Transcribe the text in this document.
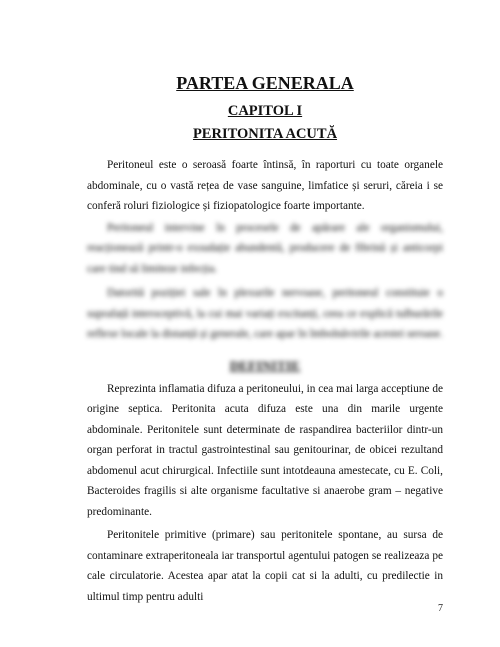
PARTEA GENERALA
CAPITOL I
PERITONITA ACUTĂ

Peritoneul este o seroasă foarte întinsă, în raporturi cu toate organele abdominale, cu o vastă rețea de vase sanguine, limfatice și seruri, căreia i se conferă roluri fiziologice și fiziopatologice foarte importante.

Peritoneul intervine în procesele de apărare ale organismului, reacționează printr-o exsudație abundentă, producere de fibrină și anticorpi care tind să limiteze infecția.

Datorită poziției sale în plexurile nervoase, peritoneul constituie o suprafață interoceptivă, la cui mai variați excitanți, ceea ce explică tulburările reflexe locale la distanță și generale, care apar în îmbolnăvirile acestei seroase.

DEFINITIE

Reprezinta inflamatia difuza a peritoneului, in cea mai larga acceptiune de origine septica. Peritonita acuta difuza este una din marile urgente abdominale. Peritonitele sunt determinate de raspandirea bacteriilor dintr-un organ perforat in tractul gastrointestinal sau genitourinar, de obicei rezultand abdomenul acut chirurgical. Infectiile sunt intotdeauna amestecate, cu E. Coli, Bacteroides fragilis si alte organisme facultative si anaerobe gram – negative predominante.

Peritonitele primitive (primare) sau peritonitele spontane, au sursa de contaminare extraperitoneala iar transportul agentului patogen se realizeaza pe cale circulatorie. Acestea apar atat la copii cat si la adulti, cu predilectie in ultimul timp pentru adulti

7
